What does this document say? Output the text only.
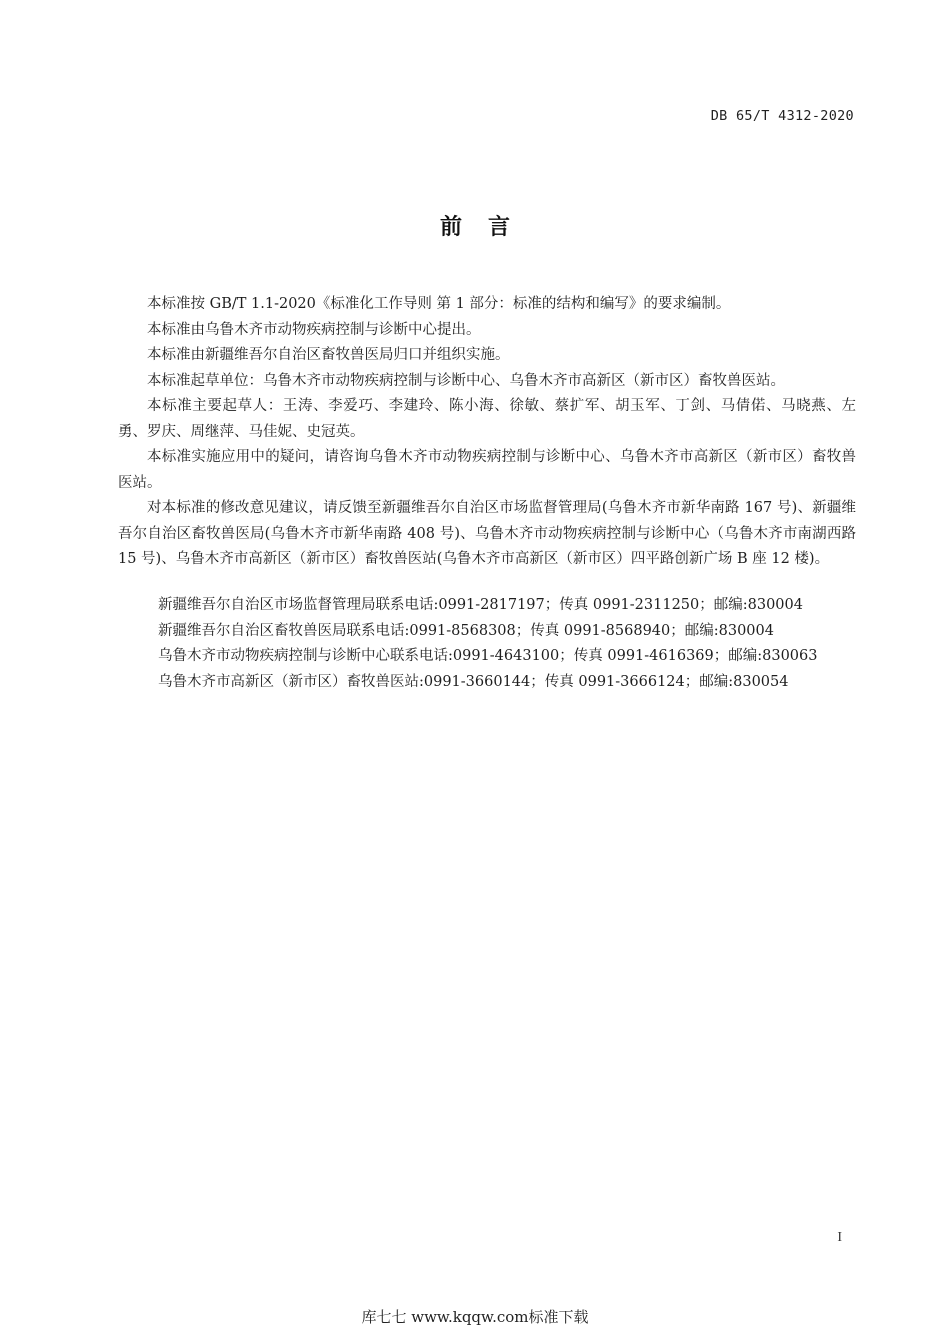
DB 65/T 4312-2020
前言

本标准按 GB/T 1.1-2020《标准化工作导则 第 1 部分：标准的结构和编写》的要求编制。

本标准由乌鲁木齐市动物疾病控制与诊断中心提出。

本标准由新疆维吾尔自治区畜牧兽医局归口并组织实施。

本标准起草单位：乌鲁木齐市动物疾病控制与诊断中心、乌鲁木齐市高新区（新市区）畜牧兽医站。

本标准主要起草人：王涛、李爱巧、李建玲、陈小海、徐敏、蔡扩军、胡玉军、丁剑、马倩偌、马晓燕、左勇、罗庆、周继萍、马佳妮、史冠英。

本标准实施应用中的疑问，请咨询乌鲁木齐市动物疾病控制与诊断中心、乌鲁木齐市高新区（新市区）畜牧兽医站。

对本标准的修改意见建议，请反馈至新疆维吾尔自治区市场监督管理局(乌鲁木齐市新华南路 167 号)、新疆维吾尔自治区畜牧兽医局(乌鲁木齐市新华南路 408 号)、乌鲁木齐市动物疾病控制与诊断中心（乌鲁木齐市南湖西路 15 号)、乌鲁木齐市高新区（新市区）畜牧兽医站(乌鲁木齐市高新区（新市区）四平路创新广场 B 座 12 楼)。

新疆维吾尔自治区市场监督管理局联系电话:0991-2817197；传真 0991-2311250；邮编:830004

新疆维吾尔自治区畜牧兽医局联系电话:0991-8568308；传真 0991-8568940；邮编:830004

乌鲁木齐市动物疾病控制与诊断中心联系电话:0991-4643100；传真 0991-4616369；邮编:830063

乌鲁木齐市高新区（新市区）畜牧兽医站:0991-3660144；传真 0991-3666124；邮编:830054

I
库七七 www.kqqw.com标准下载
